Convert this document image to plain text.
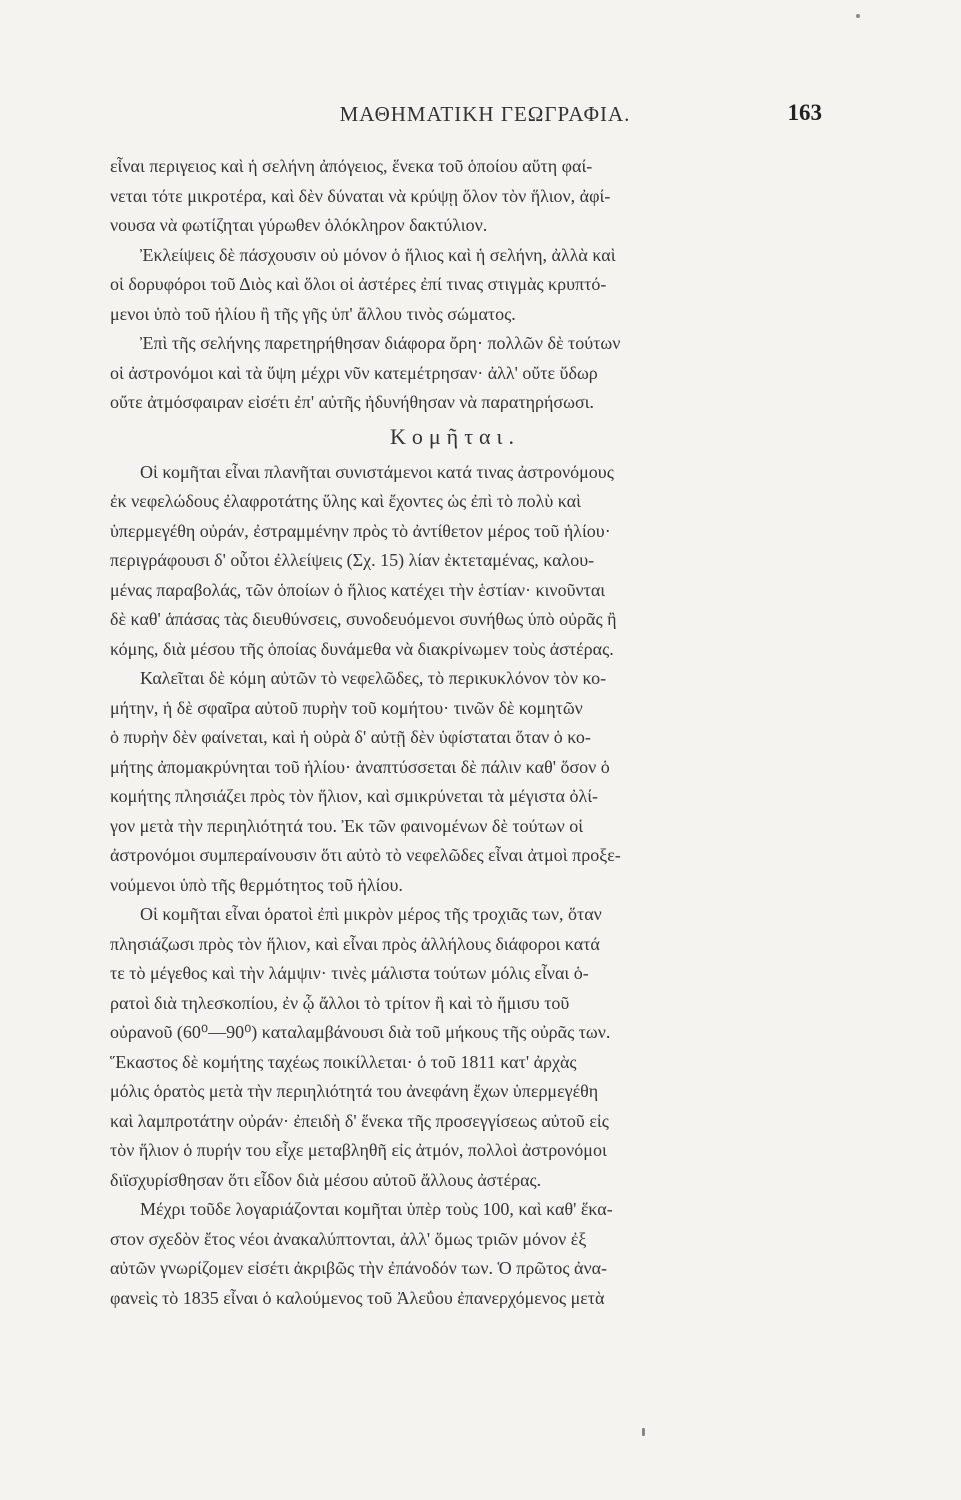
ΜΑΘΗΜΑΤΙΚΗ ΓΕΩΓΡΑΦΙΑ.	163

εἶναι περιγειος καὶ ἡ σελήνη ἀπόγειος, ἕνεκα τοῦ ὁποίου αὕτη φαί-
νεται τότε μικροτέρα, καὶ δὲν δύναται νὰ κρύψῃ ὅλον τὸν ἥλιον, ἀφί-
νουσα νὰ φωτίζηται γύρωθεν ὁλόκληρον δακτύλιον.

Ἐκλείψεις δὲ πάσχουσιν οὐ μόνον ὁ ἥλιος καὶ ἡ σελήνη, ἀλλὰ καὶ
οἱ δορυφόροι τοῦ Διὸς καὶ ὅλοι οἱ ἀστέρες ἐπί τινας στιγμὰς κρυπτό-
μενοι ὑπὸ τοῦ ἡλίου ἢ τῆς γῆς ὑπ' ἄλλου τινὸς σώματος.

Ἐπὶ τῆς σελήνης παρετηρήθησαν διάφορα ὄρη· πολλῶν δὲ τούτων
οἱ ἀστρονόμοι καὶ τὰ ὕψη μέχρι νῦν κατεμέτρησαν· ἀλλ' οὔτε ὕδωρ
οὔτε ἀτμόσφαιραν εἰσέτι ἐπ' αὐτῆς ἠδυνήθησαν νὰ παρατηρήσωσι.

Κομῆται.

Οἱ κομῆται εἶναι πλανῆται συνιστάμενοι κατά τινας ἀστρονόμους
ἐκ νεφελώδους ἐλαφροτάτης ὕλης καὶ ἔχοντες ὡς ἐπὶ τὸ πολὺ καὶ
ὑπερμεγέθη οὐράν, ἐστραμμένην πρὸς τὸ ἀντίθετον μέρος τοῦ ἡλίου·
περιγράφουσι δ' οὗτοι ἐλλείψεις (Σχ. 15) λίαν ἐκτεταμένας, καλου-
μένας παραβολάς, τῶν ὁποίων ὁ ἥλιος κατέχει τὴν ἑστίαν· κινοῦνται
δὲ καθ' ἁπάσας τὰς διευθύνσεις, συνοδευόμενοι συνήθως ὑπὸ οὐρᾶς ἢ
κόμης, διὰ μέσου τῆς ὁποίας δυνάμεθα νὰ διακρίνωμεν τοὺς ἀστέρας.

Καλεῖται δὲ κόμη αὐτῶν τὸ νεφελῶδες, τὸ περικυκλόνον τὸν κο-
μήτην, ἡ δὲ σφαῖρα αὐτοῦ πυρὴν τοῦ κομήτου· τινῶν δὲ κομητῶν
ὁ πυρὴν δὲν φαίνεται, καὶ ἡ οὐρὰ δ' αὐτῇ δὲν ὑφίσταται ὅταν ὁ κο-
μήτης ἀπομακρύνηται τοῦ ἡλίου· ἀναπτύσσεται δὲ πάλιν καθ' ὅσον ὁ
κομήτης πλησιάζει πρὸς τὸν ἥλιον, καὶ σμικρύνεται τὰ μέγιστα ὀλί-
γον μετὰ τὴν περιηλιότητά του. Ἐκ τῶν φαινομένων δὲ τούτων οἱ
ἀστρονόμοι συμπεραίνουσιν ὅτι αὐτὸ τὸ νεφελῶδες εἶναι ἀτμοὶ προξε-
νούμενοι ὑπὸ τῆς θερμότητος τοῦ ἡλίου.

Οἱ κομῆται εἶναι ὁρατοὶ ἐπὶ μικρὸν μέρος τῆς τροχιᾶς των, ὅταν
πλησιάζωσι πρὸς τὸν ἥλιον, καὶ εἶναι πρὸς ἀλλήλους διάφοροι κατά
τε τὸ μέγεθος καὶ τὴν λάμψιν· τινὲς μάλιστα τούτων μόλις εἶναι ὁ-
ρατοὶ διὰ τηλεσκοπίου, ἐν ᾧ ἄλλοι τὸ τρίτον ἢ καὶ τὸ ἥμισυ τοῦ
οὐρανοῦ (60⁰—90⁰) καταλαμβάνουσι διὰ τοῦ μήκους τῆς οὐρᾶς των.
Ἕκαστος δὲ κομήτης ταχέως ποικίλλεται· ὁ τοῦ 1811 κατ' ἀρχὰς
μόλις ὁρατὸς μετὰ τὴν περιηλιότητά του ἀνεφάνη ἔχων ὑπερμεγέθη
καὶ λαμπροτάτην οὐράν· ἐπειδὴ δ' ἕνεκα τῆς προσεγγίσεως αὐτοῦ εἰς
τὸν ἥλιον ὁ πυρήν του εἶχε μεταβληθῆ εἰς ἀτμόν, πολλοὶ ἀστρονόμοι
διϊσχυρίσθησαν ὅτι εἶδον διὰ μέσου αὐτοῦ ἄλλους ἀστέρας.

Μέχρι τοῦδε λογαριάζονται κομῆται ὑπὲρ τοὺς 100, καὶ καθ' ἕκα-
στον σχεδὸν ἔτος νέοι ἀνακαλύπτονται, ἀλλ' ὅμως τριῶν μόνον ἐξ
αὐτῶν γνωρίζομεν εἰσέτι ἀκριβῶς τὴν ἐπάνοδόν των. Ὁ πρῶτος ἀνα-
φανεὶς τὸ 1835 εἶναι ὁ καλούμενος τοῦ Ἀλεΰου ἐπανερχόμενος μετὰ
